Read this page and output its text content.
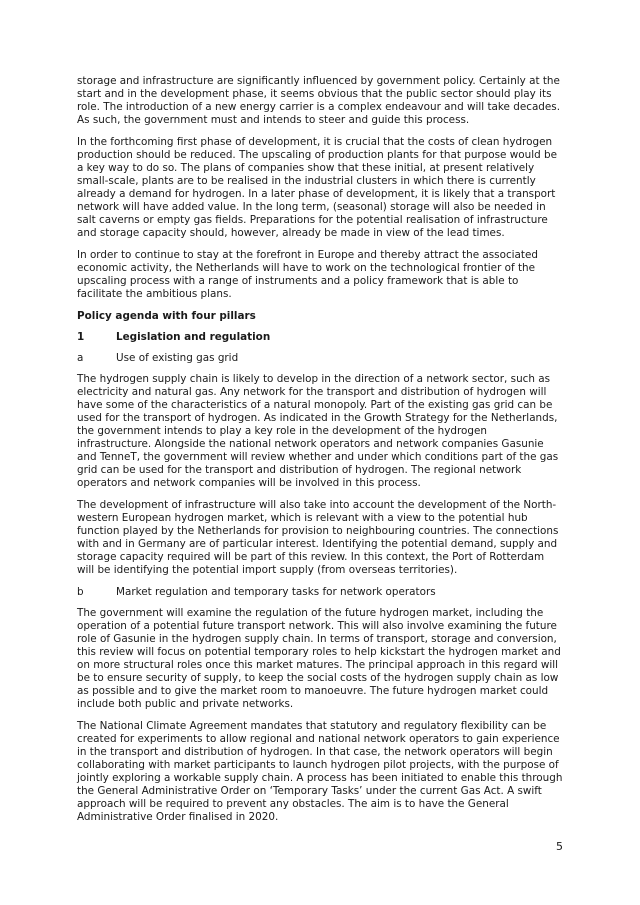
storage and infrastructure are significantly influenced by government policy. Certainly at the start and in the development phase, it seems obvious that the public sector should play its role. The introduction of a new energy carrier is a complex endeavour and will take decades. As such, the government must and intends to steer and guide this process.

In the forthcoming first phase of development, it is crucial that the costs of clean hydrogen production should be reduced. The upscaling of production plants for that purpose would be a key way to do so. The plans of companies show that these initial, at present relatively small-scale, plants are to be realised in the industrial clusters in which there is currently already a demand for hydrogen. In a later phase of development, it is likely that a transport network will have added value. In the long term, (seasonal) storage will also be needed in salt caverns or empty gas fields. Preparations for the potential realisation of infrastructure and storage capacity should, however, already be made in view of the lead times.

In order to continue to stay at the forefront in Europe and thereby attract the associated economic activity, the Netherlands will have to work on the technological frontier of the upscaling process with a range of instruments and a policy framework that is able to facilitate the ambitious plans.

Policy agenda with four pillars

1	Legislation and regulation
a	Use of existing gas grid

The hydrogen supply chain is likely to develop in the direction of a network sector, such as electricity and natural gas. Any network for the transport and distribution of hydrogen will have some of the characteristics of a natural monopoly. Part of the existing gas grid can be used for the transport of hydrogen. As indicated in the Growth Strategy for the Netherlands, the government intends to play a key role in the development of the hydrogen infrastructure. Alongside the national network operators and network companies Gasunie and TenneT, the government will review whether and under which conditions part of the gas grid can be used for the transport and distribution of hydrogen. The regional network operators and network companies will be involved in this process.

The development of infrastructure will also take into account the development of the North-western European hydrogen market, which is relevant with a view to the potential hub function played by the Netherlands for provision to neighbouring countries. The connections with and in Germany are of particular interest. Identifying the potential demand, supply and storage capacity required will be part of this review. In this context, the Port of Rotterdam will be identifying the potential import supply (from overseas territories).

b	Market regulation and temporary tasks for network operators

The government will examine the regulation of the future hydrogen market, including the operation of a potential future transport network. This will also involve examining the future role of Gasunie in the hydrogen supply chain. In terms of transport, storage and conversion, this review will focus on potential temporary roles to help kickstart the hydrogen market and on more structural roles once this market matures. The principal approach in this regard will be to ensure security of supply, to keep the social costs of the hydrogen supply chain as low as possible and to give the market room to manoeuvre. The future hydrogen market could include both public and private networks.

The National Climate Agreement mandates that statutory and regulatory flexibility can be created for experiments to allow regional and national network operators to gain experience in the transport and distribution of hydrogen. In that case, the network operators will begin collaborating with market participants to launch hydrogen pilot projects, with the purpose of jointly exploring a workable supply chain. A process has been initiated to enable this through the General Administrative Order on ‘Temporary Tasks’ under the current Gas Act. A swift approach will be required to prevent any obstacles. The aim is to have the General Administrative Order finalised in 2020.

5
